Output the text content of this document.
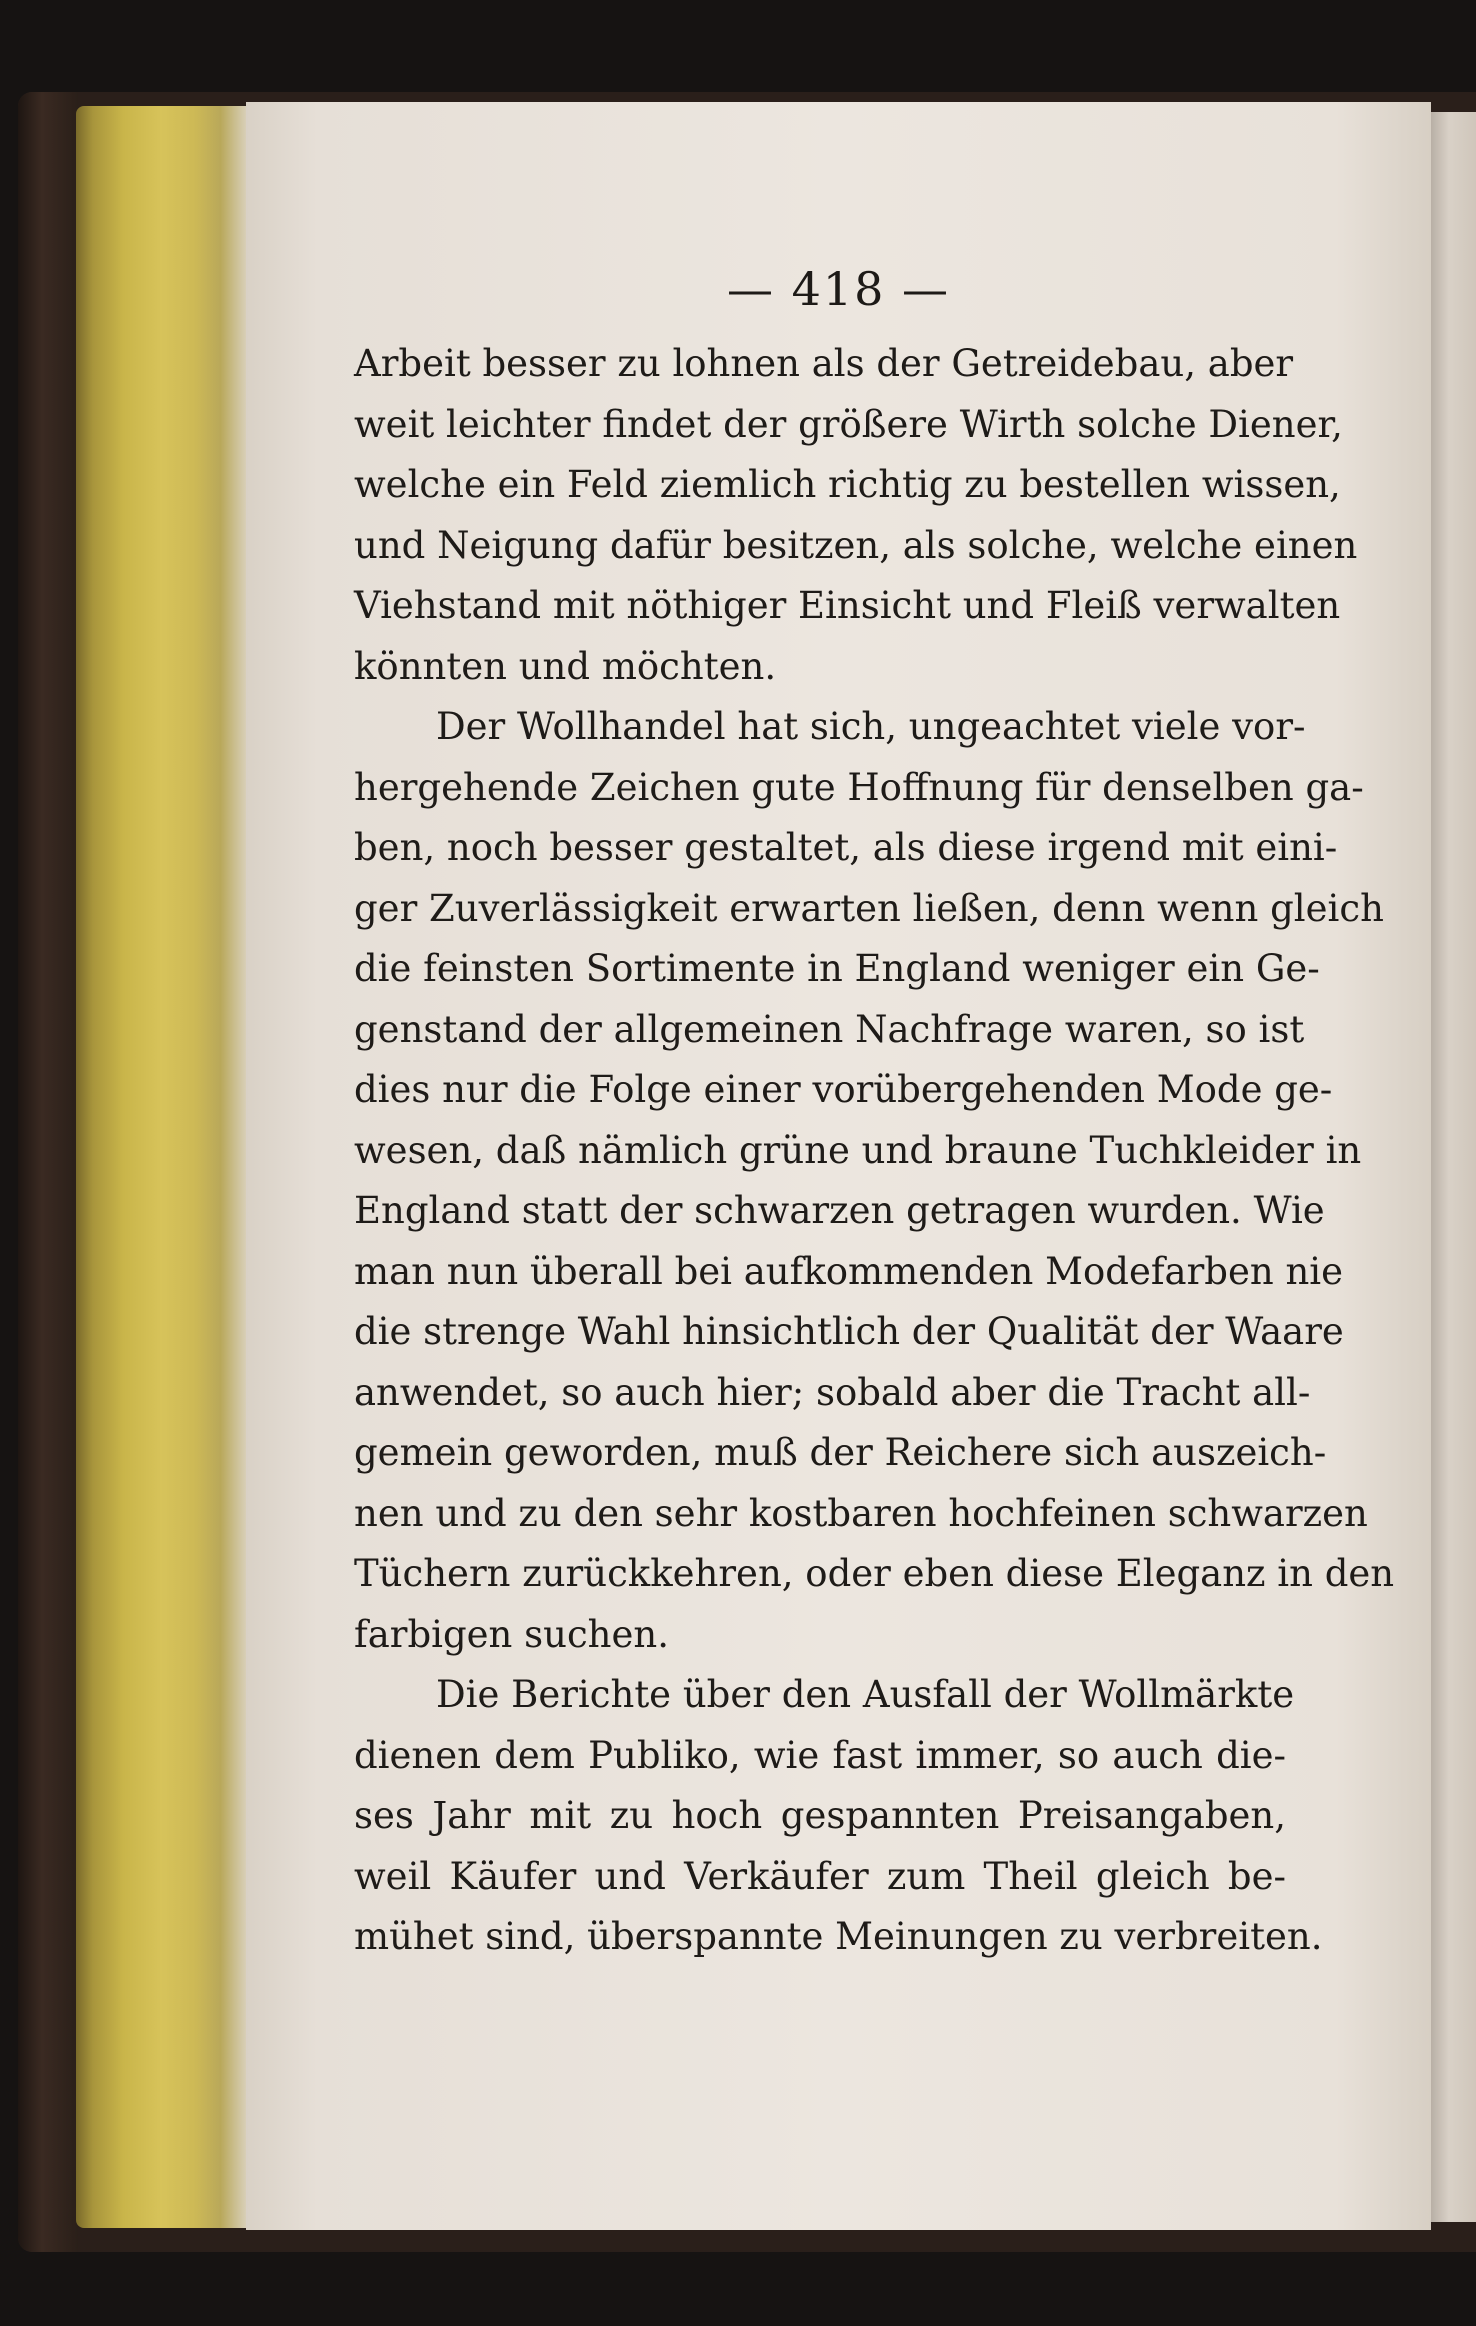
— 418 —
Arbeit besser zu lohnen als der Getreidebau, aber
weit leichter findet der größere Wirth solche Diener,
welche ein Feld ziemlich richtig zu bestellen wissen,
und Neigung dafür besitzen, als solche, welche einen
Viehstand mit nöthiger Einsicht und Fleiß verwalten
könnten und möchten.
Der Wollhandel hat sich, ungeachtet viele vor-
hergehende Zeichen gute Hoffnung für denselben ga-
ben, noch besser gestaltet, als diese irgend mit eini-
ger Zuverlässigkeit erwarten ließen, denn wenn gleich
die feinsten Sortimente in England weniger ein Ge-
genstand der allgemeinen Nachfrage waren, so ist
dies nur die Folge einer vorübergehenden Mode ge-
wesen, daß nämlich grüne und braune Tuchkleider in
England statt der schwarzen getragen wurden. Wie
man nun überall bei aufkommenden Modefarben nie
die strenge Wahl hinsichtlich der Qualität der Waare
anwendet, so auch hier; sobald aber die Tracht all-
gemein geworden, muß der Reichere sich auszeich-
nen und zu den sehr kostbaren hochfeinen schwarzen
Tüchern zurückkehren, oder eben diese Eleganz in den
farbigen suchen.
Die Berichte über den Ausfall der Wollmärkte
dienen dem Publiko, wie fast immer, so auch die-
ses Jahr mit zu hoch gespannten Preisangaben,
weil Käufer und Verkäufer zum Theil gleich be-
mühet sind, überspannte Meinungen zu verbreiten.
